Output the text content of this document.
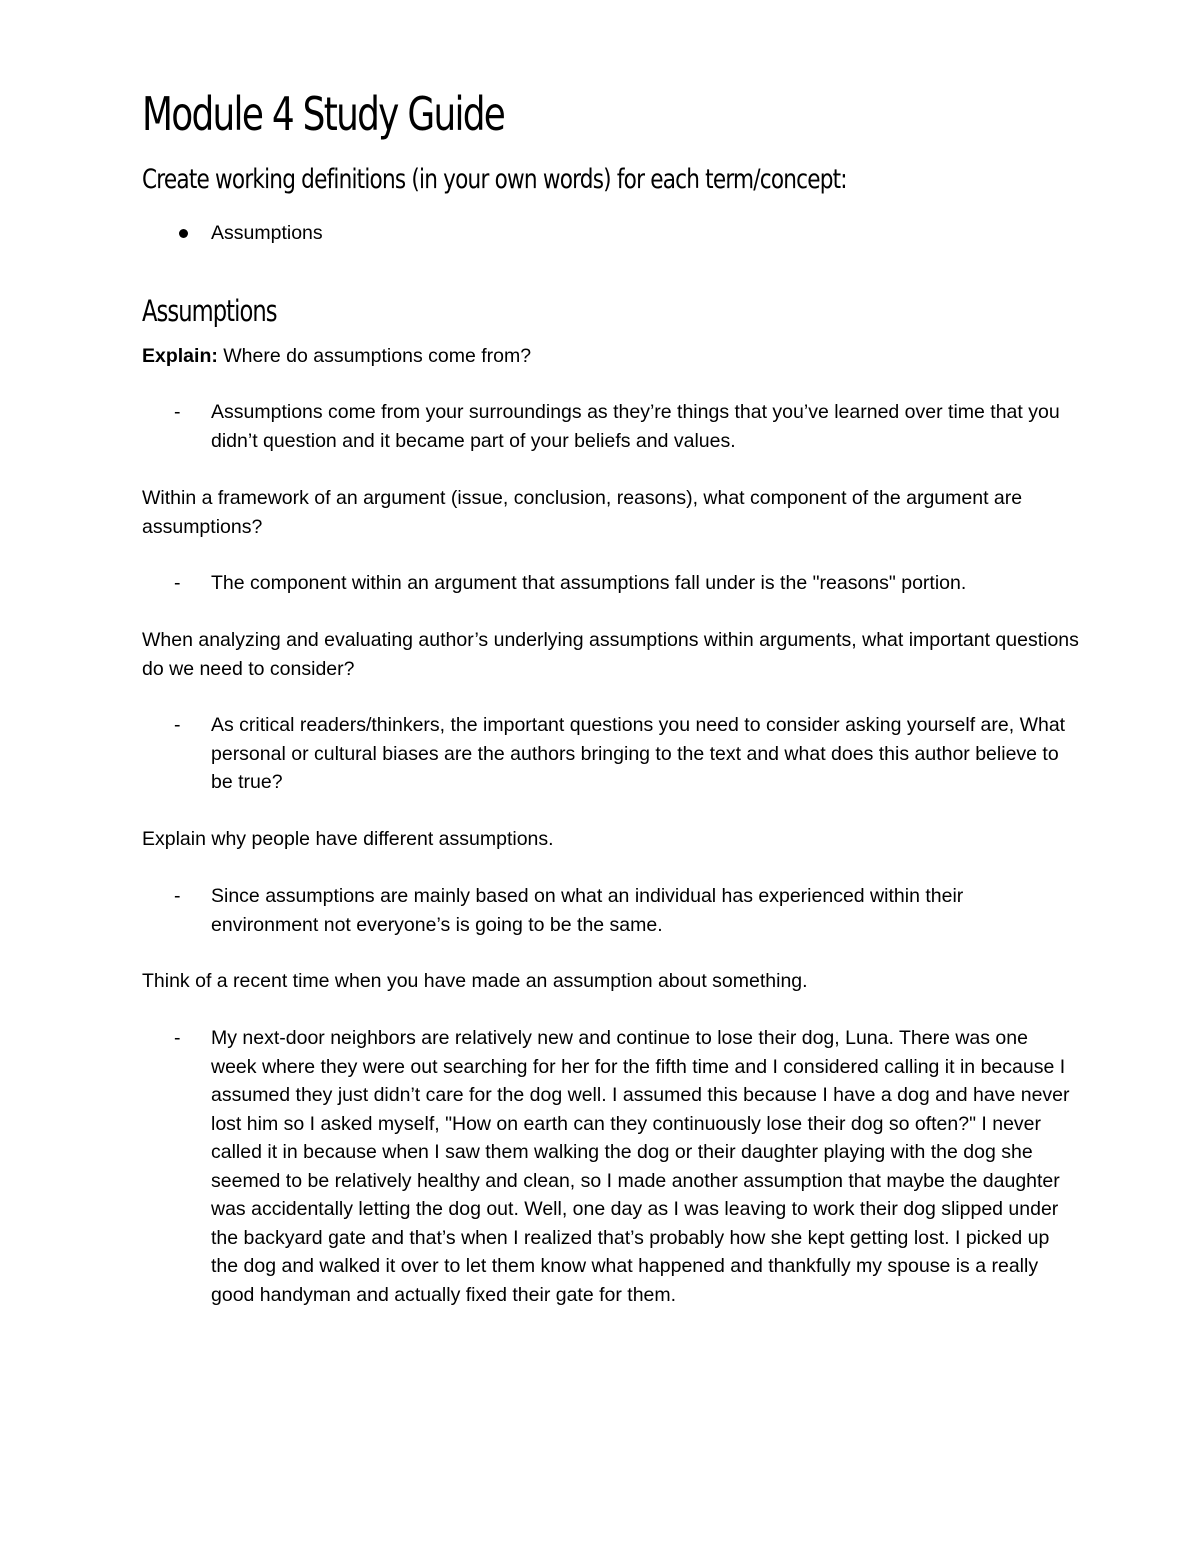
Module 4 Study Guide
Create working definitions (in your own words) for each term/concept:
Assumptions
Assumptions

Explain: Where do assumptions come from?

- Assumptions come from your surroundings as they’re things that you’ve learned over time that you didn’t question and it became part of your beliefs and values.

Within a framework of an argument (issue, conclusion, reasons), what component of the argument are assumptions?

- The component within an argument that assumptions fall under is the "reasons" portion.

When analyzing and evaluating author’s underlying assumptions within arguments, what important questions do we need to consider?

- As critical readers/thinkers, the important questions you need to consider asking yourself are, What personal or cultural biases are the authors bringing to the text and what does this author believe to be true?

Explain why people have different assumptions.

- Since assumptions are mainly based on what an individual has experienced within their environment not everyone’s is going to be the same.

Think of a recent time when you have made an assumption about something.

- My next-door neighbors are relatively new and continue to lose their dog, Luna. There was one week where they were out searching for her for the fifth time and I considered calling it in because I assumed they just didn’t care for the dog well. I assumed this because I have a dog and have never lost him so I asked myself, "How on earth can they continuously lose their dog so often?" I never called it in because when I saw them walking the dog or their daughter playing with the dog she seemed to be relatively healthy and clean, so I made another assumption that maybe the daughter was accidentally letting the dog out. Well, one day as I was leaving to work their dog slipped under the backyard gate and that’s when I realized that’s probably how she kept getting lost. I picked up the dog and walked it over to let them know what happened and thankfully my spouse is a really good handyman and actually fixed their gate for them.
